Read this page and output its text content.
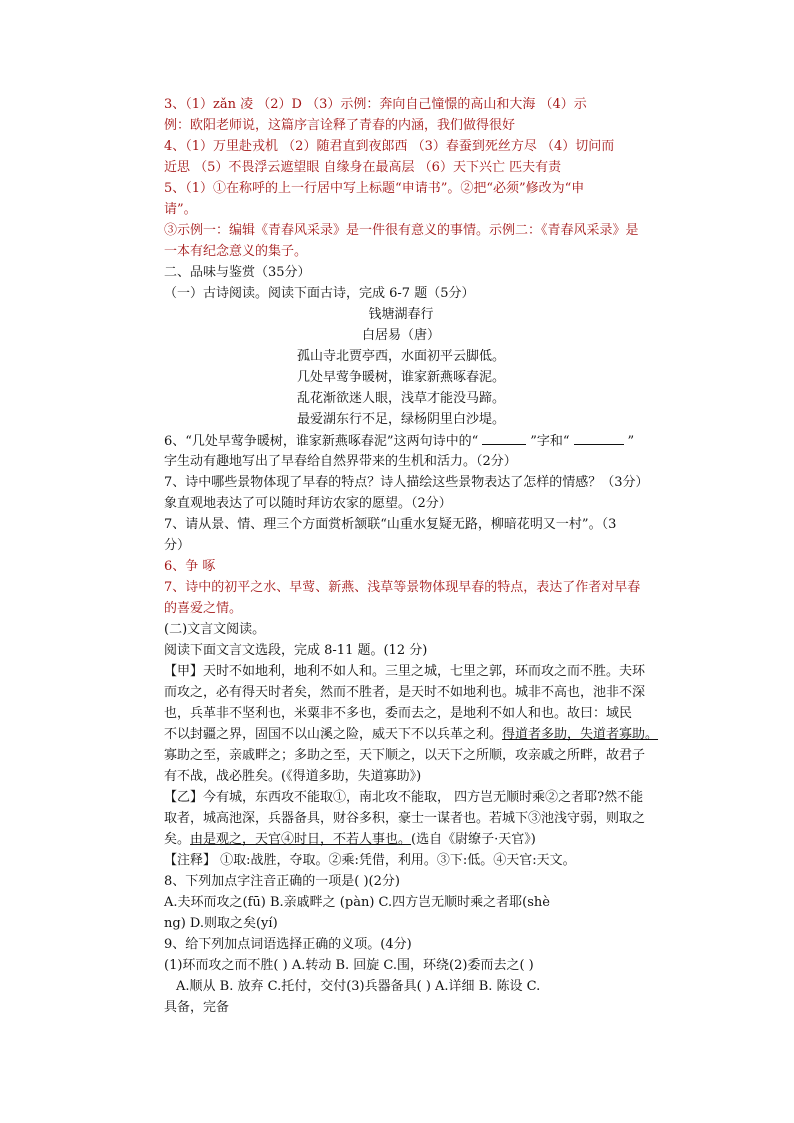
3、（1）zǎn 凌 （2）D （3）示例：奔向自己憧憬的高山和大海 （4）示
例：欧阳老师说，这篇序言诠释了青春的内涵，我们做得很好
4、（1）万里赴戎机 （2）随君直到夜郎西 （3）春蚕到死丝方尽 （4）切问而
近思 （5）不畏浮云遮望眼 自缘身在最高层 （6）天下兴亡 匹夫有责
5、（1）①在称呼的上一行居中写上标题“申请书”。②把“必须”修改为“申
请”。
③示例一：编辑《青春风采录》是一件很有意义的事情。示例二：《青春风采录》是
一本有纪念意义的集子。
二、品味与鉴赏（35分）
（一）古诗阅读。阅读下面古诗，完成 6-7 题（5分）
钱塘湖春行
白居易（唐）
孤山寺北贾亭西，水面初平云脚低。
几处早莺争暖树，谁家新燕啄春泥。
乱花渐欲迷人眼，浅草才能没马蹄。
最爱湖东行不足，绿杨阴里白沙堤。
6、“几处早莺争暖树，谁家新燕啄春泥”这两句诗中的“	”字和“	”
字生动有趣地写出了早春给自然界带来的生机和活力。（2分）
7、诗中哪些景物体现了早春的特点？诗人描绘这些景物表达了怎样的情感？（3分）
象直观地表达了可以随时拜访农家的愿望。（2分）
7、请从景、情、理三个方面赏析颔联“山重水复疑无路，柳暗花明又一村”。（3
分）
6、争 啄
7、诗中的初平之水、早莺、新燕、浅草等景物体现早春的特点，表达了作者对早春
的喜爱之情。
(二)文言文阅读。
阅读下面文言文选段，完成 8-11 题。(12 分)
【甲】天时不如地利，地利不如人和。三里之城，七里之郭，环而攻之而不胜。夫环
而攻之，必有得天时者矣，然而不胜者，是天时不如地利也。城非不高也，池非不深
也，兵革非不坚利也，米粟非不多也，委而去之，是地利不如人和也。故曰：域民
不以封疆之界，固国不以山溪之险，威天下不以兵革之利。得道者多助，失道者寡助。
寡助之至，亲戚畔之；多助之至，天下顺之，以天下之所顺，攻亲戚之所畔，故君子
有不战，战必胜矣。(《得道多助，失道寡助》)
【乙】今有城，东西攻不能取①，南北攻不能取， 四方岂无顺时乘②之者耶?然不能
取者，城高池深，兵器备具，财谷多积，豪士一谋者也。若城下③池浅守弱，则取之
矣。由是观之，天官④时日，不若人事也。(选自《尉缭子·天官》)
【注释】 ①取:战胜，夺取。②乘:凭借，利用。③下:低。④天官:天文。
8、下列加点字注音正确的一项是( )(2分)
A.夫环而攻之(fū) B.亲戚畔之 (pàn) C.四方岂无顺时乘之者耶(shè
ng) D.则取之矣(yí)
9、给下列加点词语选择正确的义项。(4分)
(1)环而攻之而不胜( ) A.转动 B. 回旋 C.围，环绕(2)委而去之( )
A.顺从 B. 放弃 C.托付，交付(3)兵器备具( ) A.详细 B. 陈设 C.
具备，完备
